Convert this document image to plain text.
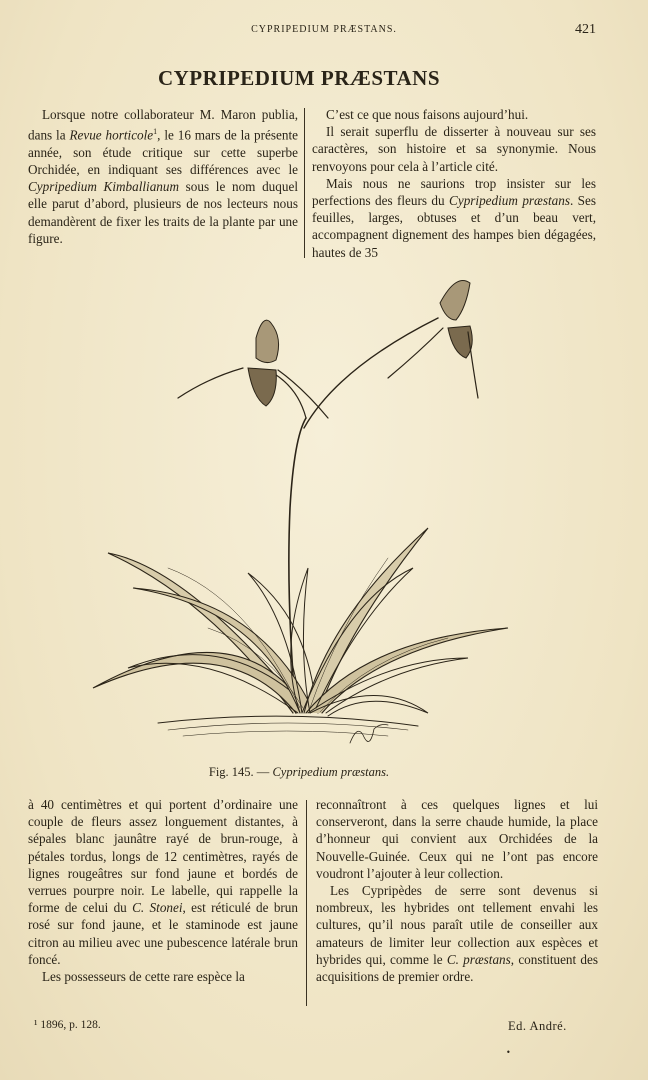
CYPRIPEDIUM PRÆSTANS.	421
CYPRIPEDIUM PRÆSTANS

Lorsque notre collaborateur M. Maron publia, dans la Revue horticole$^1$, le 16 mars de la présente année, son étude critique sur cette superbe Orchidée, en indiquant ses différences avec le Cypripedium Kimballianum sous le nom duquel elle parut d’abord, plusieurs de nos lecteurs nous demandèrent de fixer les traits de la plante par une figure.

C’est ce que nous faisons aujourd’hui.

Il serait superflu de disserter à nouveau sur ses caractères, son histoire et sa synonymie. Nous renvoyons pour cela à l’article cité.

Mais nous ne saurions trop insister sur les perfections des fleurs du Cypripedium præstans. Ses feuilles, larges, obtuses et d’un beau vert, accompagnent dignement des hampes bien dégagées, hautes de 35

Fig. 145. — Cypripedium præstans.

à 40 centimètres et qui portent d’ordinaire une couple de fleurs assez longuement distantes, à sépales blanc jaunâtre rayé de brun-rouge, à pétales tordus, longs de 12 centimètres, rayés de lignes rougeâtres sur fond jaune et bordés de verrues pourpre noir. Le labelle, qui rappelle la forme de celui du C. Stonei, est réticulé de brun rosé sur fond jaune, et le staminode est jaune citron au milieu avec une pubescence latérale brun foncé.

Les possesseurs de cette rare espèce la

reconnaîtront à ces quelques lignes et lui conserveront, dans la serre chaude humide, la place d’honneur qui convient aux Orchidées de la Nouvelle-Guinée. Ceux qui ne l’ont pas encore voudront l’ajouter à leur collection.

Les Cypripèdes de serre sont devenus si nombreux, les hybrides ont tellement envahi les cultures, qu’il nous paraît utile de conseiller aux amateurs de limiter leur collection aux espèces et hybrides qui, comme le C. præstans, constituent des acquisitions de premier ordre.

¹ 1896, p. 128.	Ed. André.
•
